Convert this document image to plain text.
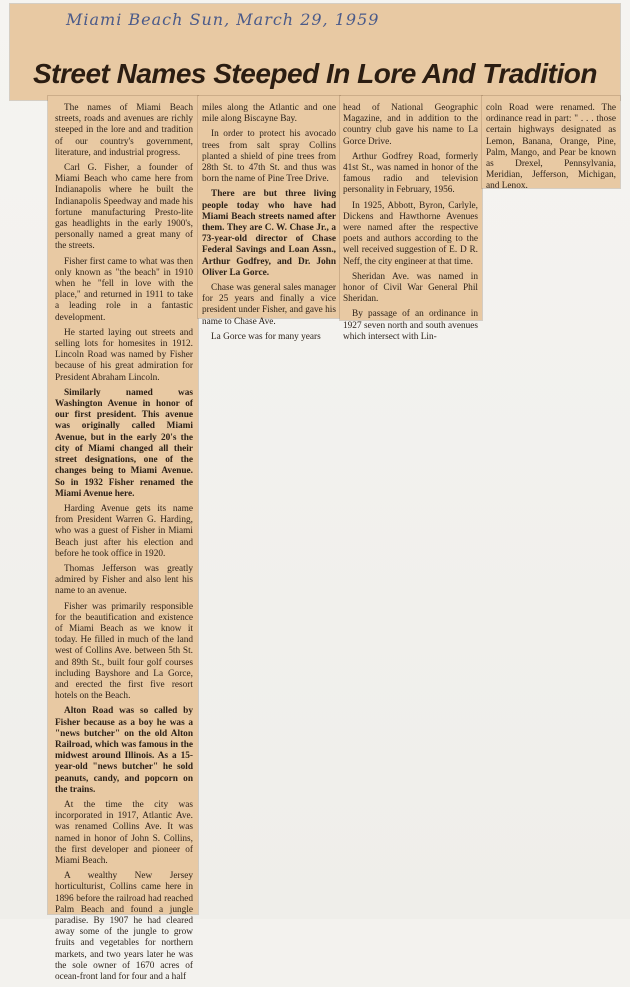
Miami Beach Sun, March 29, 1959
Street Names Steeped In Lore And Tradition

The names of Miami Beach streets, roads and avenues are richly steeped in the lore and and tradition of our country's government, literature, and industrial progress.

Carl G. Fisher, a founder of Miami Beach who came here from Indianapolis where he built the Indianapolis Speedway and made his fortune manufacturing Presto-lite gas headlights in the early 1900's, personally named a great many of the streets.

Fisher first came to what was then only known as "the beach" in 1910 when he "fell in love with the place," and returned in 1911 to take a leading role in a fantastic development.

He started laying out streets and selling lots for homesites in 1912. Lincoln Road was named by Fisher because of his great admiration for President Abraham Lincoln.

Similarly named was Washington Avenue in honor of our first president. This avenue was originally called Miami Avenue, but in the early 20's the city of Miami changed all their street designations, one of the changes being to Miami Avenue. So in 1932 Fisher renamed the Miami Avenue here.

Harding Avenue gets its name from President Warren G. Harding, who was a guest of Fisher in Miami Beach just after his election and before he took office in 1920.

Thomas Jefferson was greatly admired by Fisher and also lent his name to an avenue.

Fisher was primarily responsible for the beautification and existence of Miami Beach as we know it today. He filled in much of the land west of Collins Ave. between 5th St. and 89th St., built four golf courses including Bayshore and La Gorce, and erected the first five resort hotels on the Beach.

Alton Road was so called by Fisher because as a boy he was a "news butcher" on the old Alton Railroad, which was famous in the midwest around Illinois. As a 15-year-old "news butcher" he sold peanuts, candy, and popcorn on the trains.

At the time the city was incorporated in 1917, Atlantic Ave. was renamed Collins Ave. It was named in honor of John S. Collins, the first developer and pioneer of Miami Beach.

A wealthy New Jersey horticulturist, Collins came here in 1896 before the railroad had reached Palm Beach and found a jungle paradise. By 1907 he had cleared away some of the jungle to grow fruits and vegetables for northern markets, and two years later he was the sole owner of 1670 acres of ocean-front land for four and a half

miles along the Atlantic and one mile along Biscayne Bay.

In order to protect his avocado trees from salt spray Collins planted a shield of pine trees from 28th St. to 47th St. and thus was born the name of Pine Tree Drive.

There are but three living people today who have had Miami Beach streets named after them. They are C. W. Chase Jr., a 73-year-old director of Chase Federal Savings and Loan Assn., Arthur Godfrey, and Dr. John Oliver La Gorce.

Chase was general sales manager for 25 years and finally a vice president under Fisher, and gave his name to Chase Ave.

La Gorce was for many years

head of National Geographic Magazine, and in addition to the country club gave his name to La Gorce Drive.

Arthur Godfrey Road, formerly 41st St., was named in honor of the famous radio and television personality in February, 1956.

In 1925, Abbott, Byron, Carlyle, Dickens and Hawthorne Avenues were named after the respective poets and authors according to the well received suggestion of E. D R. Neff, the city engineer at that time.

Sheridan Ave. was named in honor of Civil War General Phil Sheridan.

By passage of an ordinance in 1927 seven north and south avenues which intersect with Lin-

coln Road were renamed. The ordinance read in part: " . . . those certain highways designated as Lemon, Banana, Orange, Pine, Palm, Mango, and Pear be known as Drexel, Pennsylvania, Meridian, Jefferson, Michigan, and Lenox.
